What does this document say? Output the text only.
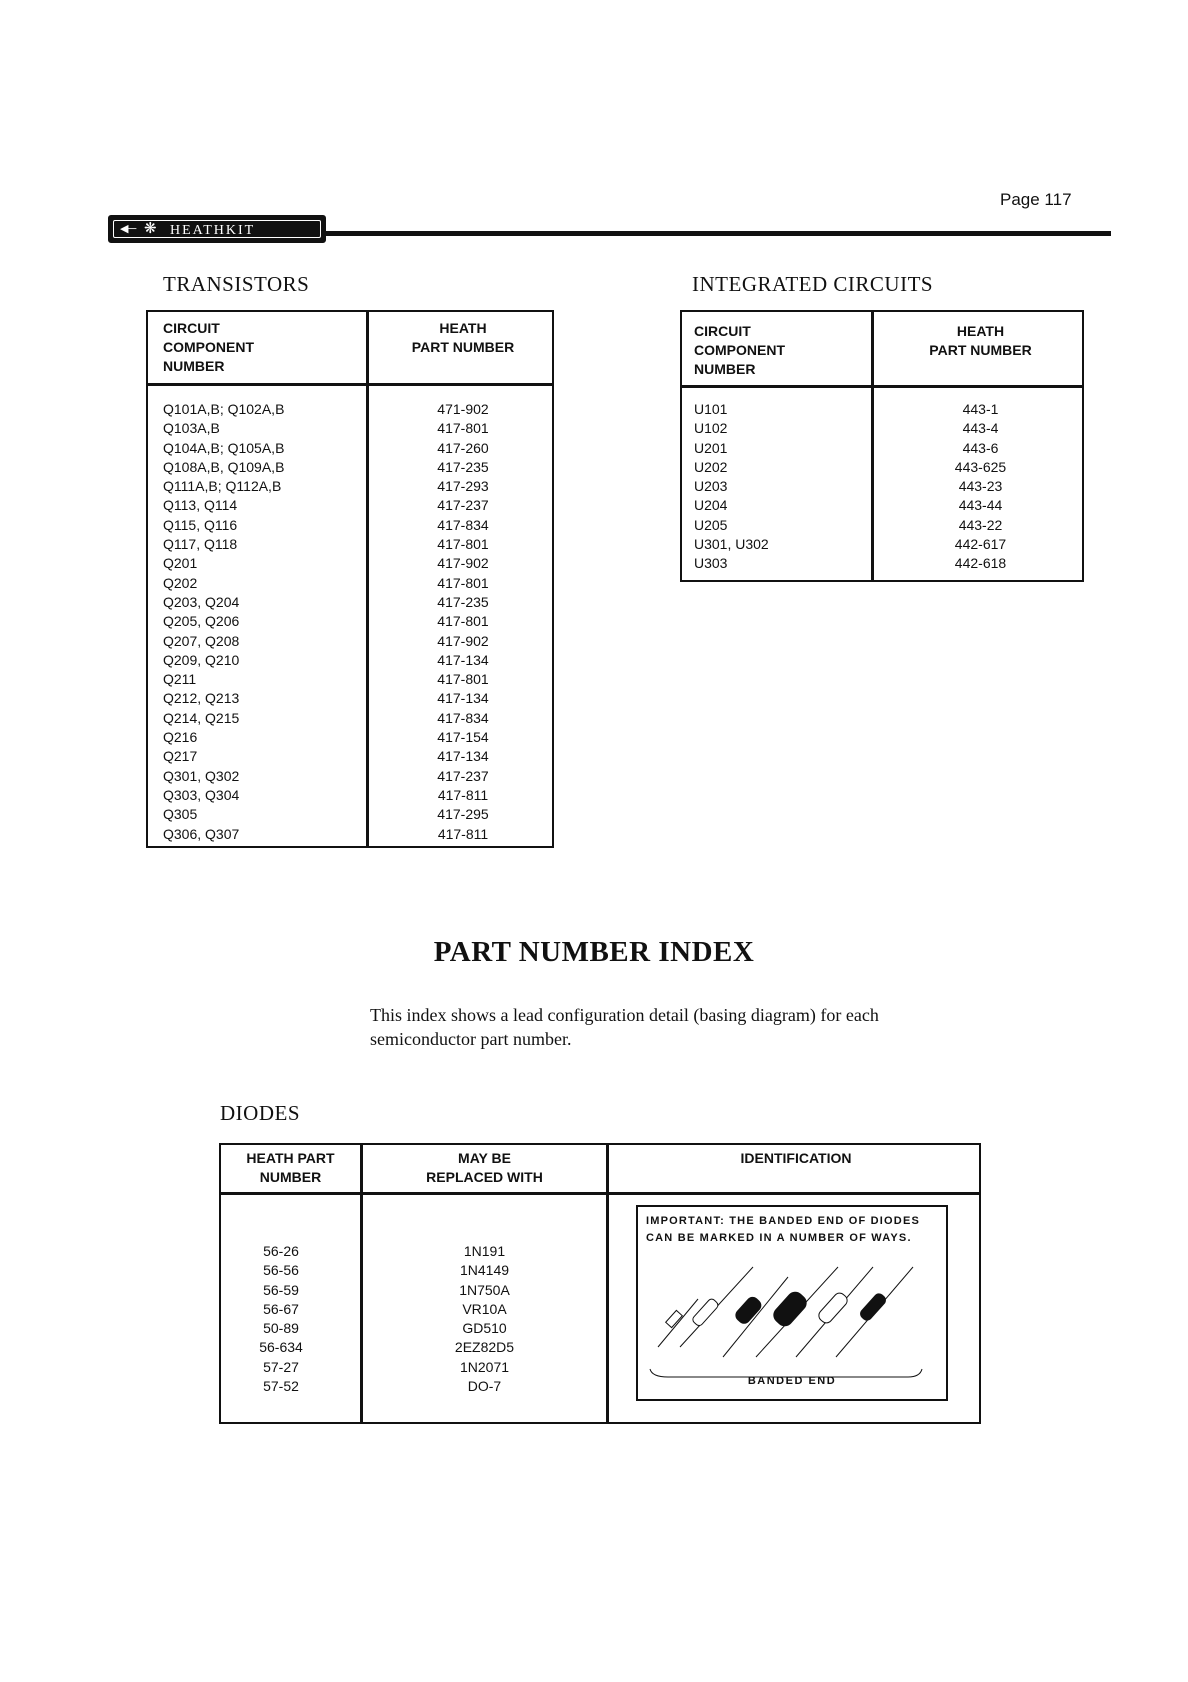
Page 117
◀─ ❋ HEATHKIT
TRANSISTORS
CIRCUIT
COMPONENT
NUMBER
HEATH
PART NUMBER
Q101A,B; Q102A,B
Q103A,B
Q104A,B; Q105A,B
Q108A,B, Q109A,B
Q111A,B; Q112A,B
Q113, Q114
Q115, Q116
Q117, Q118
Q201
Q202
Q203, Q204
Q205, Q206
Q207, Q208
Q209, Q210
Q211
Q212, Q213
Q214, Q215
Q216
Q217
Q301, Q302
Q303, Q304
Q305
Q306, Q307
471-902
417-801
417-260
417-235
417-293
417-237
417-834
417-801
417-902
417-801
417-235
417-801
417-902
417-134
417-801
417-134
417-834
417-154
417-134
417-237
417-811
417-295
417-811
INTEGRATED CIRCUITS
CIRCUIT
COMPONENT
NUMBER
HEATH
PART NUMBER
U101
U102
U201
U202
U203
U204
U205
U301, U302
U303
443-1
443-4
443-6
443-625
443-23
443-44
443-22
442-617
442-618
PART NUMBER INDEX
This index shows a lead configuration detail (basing diagram) for each semiconductor part number.
DIODES
HEATH PART
NUMBER
MAY BE
REPLACED WITH
IDENTIFICATION
56-26
56-56
56-59
56-67
50-89
56-634
57-27
57-52
1N191
1N4149
1N750A
VR10A
GD510
2EZ82D5
1N2071
DO-7
IMPORTANT: THE BANDED END OF DIODES CAN BE MARKED IN A NUMBER OF WAYS.
BANDED END
